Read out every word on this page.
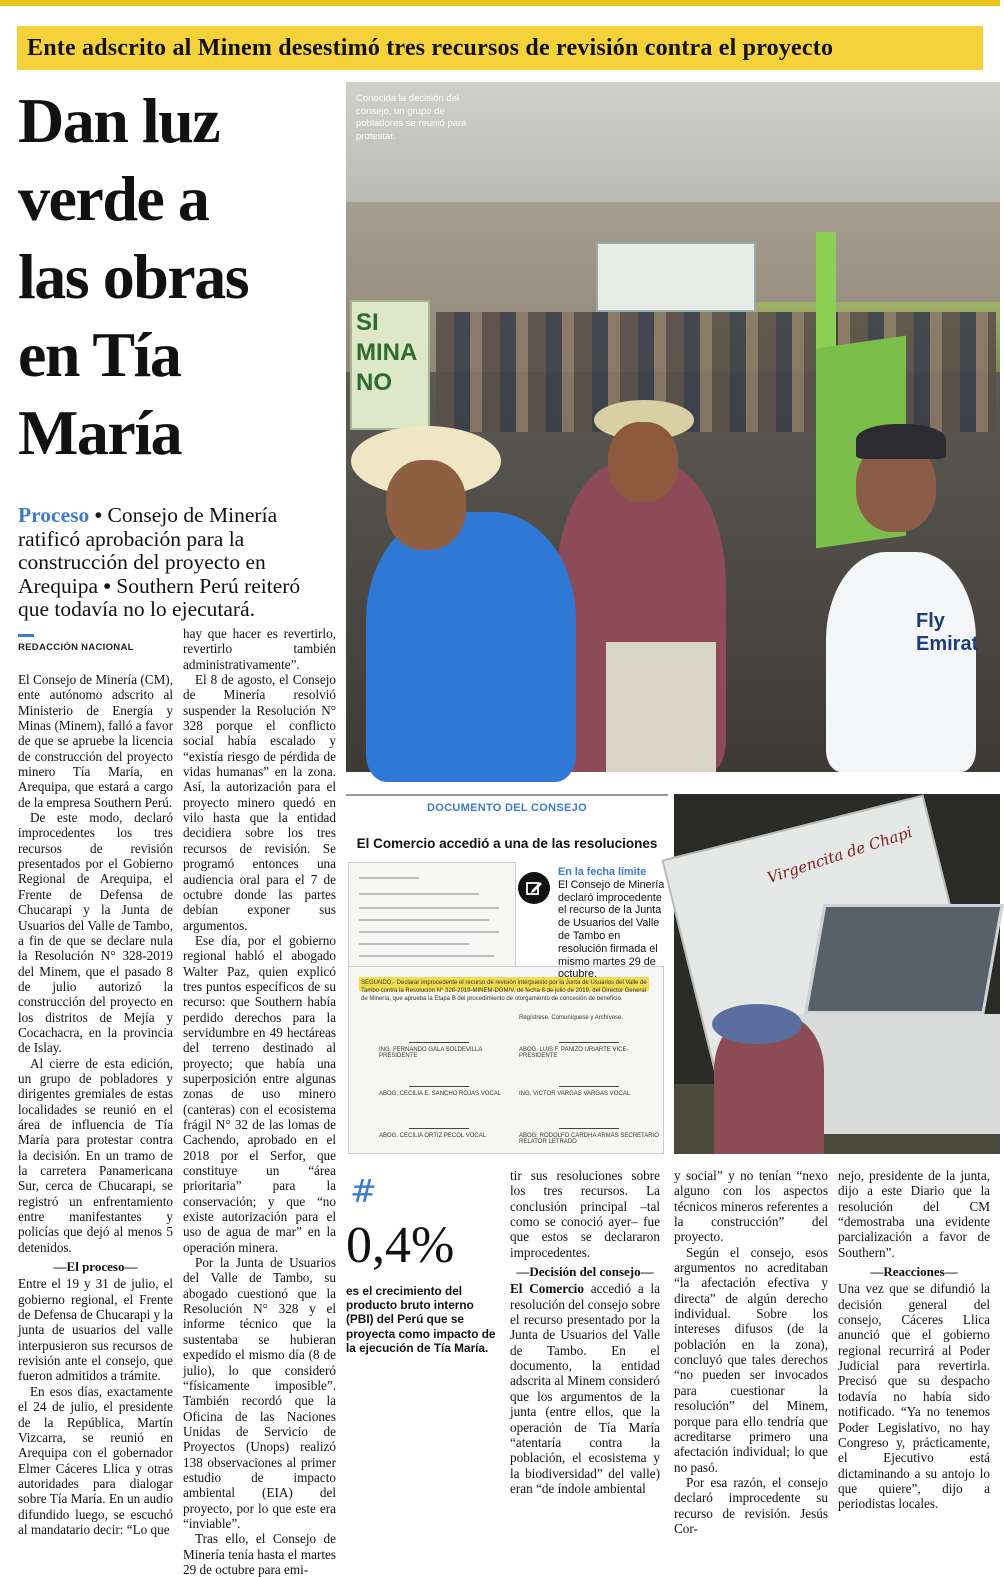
Ente adscrito al Minem desestimó tres recursos de revisión contra el proyecto
Dan luz
verde a
las obras
en Tía
María
Proceso • Consejo de Minería ratificó aprobación para la construcción del proyecto en Arequipa • Southern Perú reiteró que todavía no lo ejecutará.
REDACCIÓN NACIONAL

El Consejo de Minería (CM), ente autónomo adscrito al Ministerio de Energía y Minas (Minem), falló a favor de que se apruebe la licencia de construcción del proyecto minero Tía María, en Arequipa, que estará a cargo de la empresa Southern Perú.

De este modo, declaró improcedentes los tres recursos de revisión presentados por el Gobierno Regional de Arequipa, el Frente de Defensa de Chucarapi y la Junta de Usuarios del Valle de Tambo, a fin de que se declare nula la Resolución N° 328-2019 del Minem, que el pasado 8 de julio autorizó la construcción del proyecto en los distritos de Mejía y Cocachacra, en la provincia de Islay.

Al cierre de esta edición, un grupo de pobladores y dirigentes gremiales de estas localidades se reunió en el área de influencia de Tía María para protestar contra la decisión. En un tramo de la carretera Panamericana Sur, cerca de Chucarapi, se registró un enfrentamiento entre manifestantes y policías que dejó al menos 5 detenidos.

—El proceso—

Entre el 19 y 31 de julio, el gobierno regional, el Frente de Defensa de Chucarapi y la junta de usuarios del valle interpusieron sus recursos de revisión ante el consejo, que fueron admitidos a trámite.

En esos días, exactamente el 24 de julio, el presidente de la República, Martín Vizcarra, se reunió en Arequipa con el gobernador Elmer Cáceres Llica y otras autoridades para dialogar sobre Tía María. En un audio difundido luego, se escuchó al mandatario decir: “Lo que

hay que hacer es revertirlo, revertirlo también administrativamente”.

El 8 de agosto, el Consejo de Minería resolvió suspender la Resolución N° 328 porque el conflicto social había escalado y “existía riesgo de pérdida de vidas humanas” en la zona. Así, la autorización para el proyecto minero quedó en vilo hasta que la entidad decidiera sobre los tres recursos de revisión. Se programó entonces una audiencia oral para el 7 de octubre donde las partes debían exponer sus argumentos.

Ese día, por el gobierno regional habló el abogado Walter Paz, quien explicó tres puntos específicos de su recurso: que Southern había perdido derechos para la servidumbre en 49 hectáreas del terreno destinado al proyecto; que había una superposición entre algunas zonas de uso minero (canteras) con el ecosistema frágil N° 32 de las lomas de Cachendo, aprobado en el 2018 por el Serfor, que constituye un “área prioritaria” para la conservación; y que “no existe autorización para el uso de agua de mar” en la operación minera.

Por la Junta de Usuarios del Valle de Tambo, su abogado cuestionó que la Resolución N° 328 y el informe técnico que la sustentaba se hubieran expedido el mismo día (8 de julio), lo que consideró “físicamente imposible”. También recordó que la Oficina de las Naciones Unidas de Servicio de Proyectos (Unops) realizó 138 observaciones al primer estudio de impacto ambiental (EIA) del proyecto, por lo que este era “inviable”.

Tras ello, el Consejo de Minería tenía hasta el martes 29 de octubre para emi-

SI
MINA
NO
Fly Emirat
Conocida la decisión del consejo, un grupo de pobladores se reunió para protestar.
DOCUMENTO DEL CONSEJO
El Comercio accedió a una de las resoluciones
SEGUNDO.- Declarar improcedente el recurso de revisión interpuesto por la Junta de Usuarios del Valle de Tambo contra la Resolución N° 328-2019-MINEM-DGM/V, de fecha 8 de julio de 2019, del Director General de Minería, que aprueba la Etapa B del procedimiento de otorgamiento de concesión de beneficio.
Regístrese, Comuníquese y Archívese.
ING. FERNANDO GALA SOLDEVILLA PRESIDENTE
ABOG. LUIS F. PANIZO URIARTE VICE-PRESIDENTE
ABOG. CECILIA E. SANCHO ROJAS VOCAL	ING. VICTOR VARGAS VARGAS VOCAL
ABOG. CECILIA ORTIZ PECOL VOCAL	ABOG. RODOLFO CARDHA ARMAS SECRETARIO RELATOR LETRADO
En la fecha límite
El Consejo de Minería declaró improcedente el recurso de la Junta de Usuarios del Valle de Tambo en resolución firmada el mismo martes 29 de octubre.
Virgencita de Chapi
#
0,4%
es el crecimiento del producto bruto interno (PBI) del Perú que se proyecta como impacto de la ejecución de Tía María.

tir sus resoluciones sobre los tres recursos. La conclusión principal –tal como se conoció ayer– fue que estos se declararon improcedentes.

—Decisión del consejo—

El Comercio accedió a la resolución del consejo sobre el recurso presentado por la Junta de Usuarios del Valle de Tambo. En el documento, la entidad adscrita al Minem consideró que los argumentos de la junta (entre ellos, que la operación de Tía María “atentaría contra la población, el ecosistema y la biodiversidad” del valle) eran “de índole ambiental

y social” y no tenían “nexo alguno con los aspectos técnicos mineros referentes a la construcción” del proyecto.

Según el consejo, esos argumentos no acreditaban “la afectación efectiva y directa” de algún derecho individual. Sobre los intereses difusos (de la población en la zona), concluyó que tales derechos “no pueden ser invocados para cuestionar la resolución” del Minem, porque para ello tendría que acreditarse primero una afectación individual; lo que no pasó.

Por esa razón, el consejo declaró improcedente su recurso de revisión. Jesús Cor-

nejo, presidente de la junta, dijo a este Diario que la resolución del CM “demostraba una evidente parcialización a favor de Southern”.

—Reacciones—

Una vez que se difundió la decisión general del consejo, Cáceres Llica anunció que el gobierno regional recurrirá al Poder Judicial para revertirla. Precisó que su despacho todavía no había sido notificado. “Ya no tenemos Poder Legislativo, no hay Congreso y, prácticamente, el Ejecutivo está dictaminando a su antojo lo que quiere”, dijo a periodistas locales.
